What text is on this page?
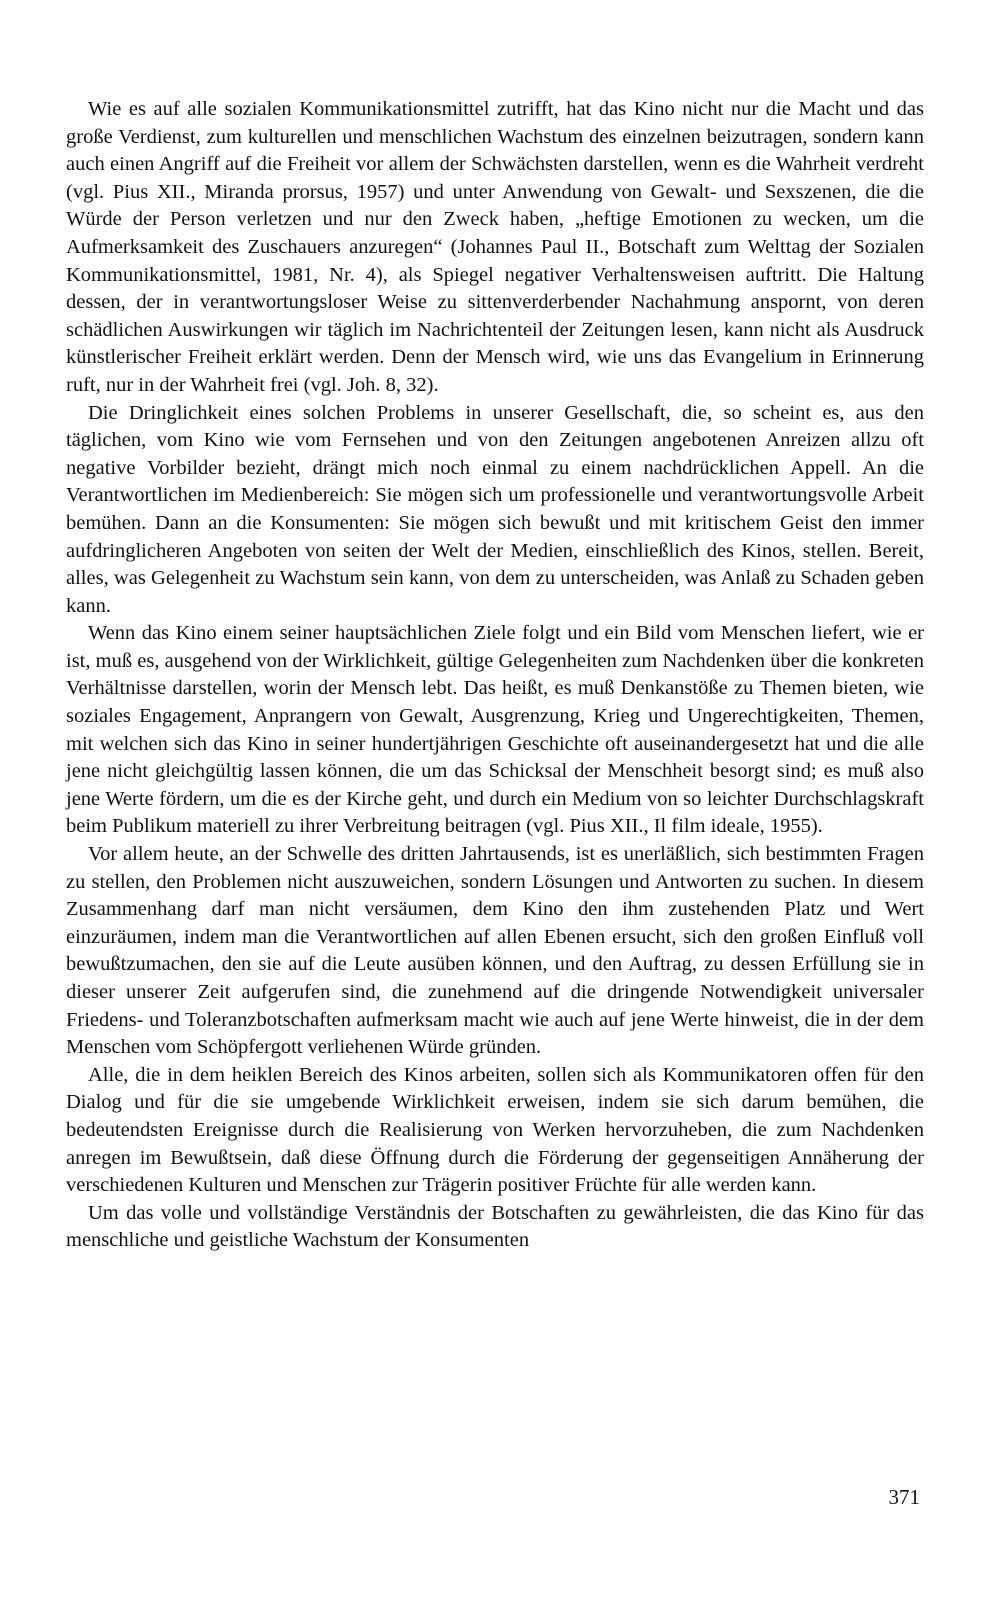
Wie es auf alle sozialen Kommunikationsmittel zutrifft, hat das Kino nicht nur die Macht und das große Verdienst, zum kulturellen und menschlichen Wachstum des einzelnen beizutragen, sondern kann auch einen Angriff auf die Freiheit vor allem der Schwächsten darstellen, wenn es die Wahrheit verdreht (vgl. Pius XII., Miranda prorsus, 1957) und unter Anwendung von Gewalt- und Sexszenen, die die Würde der Person verletzen und nur den Zweck haben, „heftige Emotionen zu wecken, um die Aufmerksamkeit des Zuschauers anzuregen“ (Johannes Paul II., Botschaft zum Welttag der Sozialen Kommunikationsmittel, 1981, Nr. 4), als Spiegel negativer Verhaltensweisen auftritt. Die Haltung dessen, der in verantwortungsloser Weise zu sittenverderbender Nachahmung anspornt, von deren schädlichen Auswirkungen wir täglich im Nachrichtenteil der Zeitungen lesen, kann nicht als Ausdruck künstlerischer Freiheit erklärt werden. Denn der Mensch wird, wie uns das Evangelium in Erinnerung ruft, nur in der Wahrheit frei (vgl. Joh. 8, 32).

Die Dringlichkeit eines solchen Problems in unserer Gesellschaft, die, so scheint es, aus den täglichen, vom Kino wie vom Fernsehen und von den Zeitungen angebotenen Anreizen allzu oft negative Vorbilder bezieht, drängt mich noch einmal zu einem nachdrücklichen Appell. An die Verantwortlichen im Medienbereich: Sie mögen sich um professionelle und verantwortungsvolle Arbeit bemühen. Dann an die Konsumenten: Sie mögen sich bewußt und mit kritischem Geist den immer aufdringlicheren Angeboten von seiten der Welt der Medien, einschließlich des Kinos, stellen. Bereit, alles, was Gelegenheit zu Wachstum sein kann, von dem zu unterscheiden, was Anlaß zu Schaden geben kann.

Wenn das Kino einem seiner hauptsächlichen Ziele folgt und ein Bild vom Menschen liefert, wie er ist, muß es, ausgehend von der Wirklichkeit, gültige Gelegenheiten zum Nachdenken über die konkreten Verhältnisse darstellen, worin der Mensch lebt. Das heißt, es muß Denkanstöße zu Themen bieten, wie soziales Engagement, Anprangern von Gewalt, Ausgrenzung, Krieg und Ungerechtigkeiten, Themen, mit welchen sich das Kino in seiner hundertjährigen Geschichte oft auseinandergesetzt hat und die alle jene nicht gleichgültig lassen können, die um das Schicksal der Menschheit besorgt sind; es muß also jene Werte fördern, um die es der Kirche geht, und durch ein Medium von so leichter Durchschlagskraft beim Publikum materiell zu ihrer Verbreitung beitragen (vgl. Pius XII., Il film ideale, 1955).

Vor allem heute, an der Schwelle des dritten Jahrtausends, ist es unerläßlich, sich bestimmten Fragen zu stellen, den Problemen nicht auszuweichen, sondern Lösungen und Antworten zu suchen. In diesem Zusammenhang darf man nicht versäumen, dem Kino den ihm zustehenden Platz und Wert einzuräumen, indem man die Verantwortlichen auf allen Ebenen ersucht, sich den großen Einfluß voll bewußtzumachen, den sie auf die Leute ausüben können, und den Auftrag, zu dessen Erfüllung sie in dieser unserer Zeit aufgerufen sind, die zunehmend auf die dringende Notwendigkeit universaler Friedens- und Toleranzbotschaften aufmerksam macht wie auch auf jene Werte hinweist, die in der dem Menschen vom Schöpfergott verliehenen Würde gründen.

Alle, die in dem heiklen Bereich des Kinos arbeiten, sollen sich als Kommunikatoren offen für den Dialog und für die sie umgebende Wirklichkeit erweisen, indem sie sich darum bemühen, die bedeutendsten Ereignisse durch die Realisierung von Werken hervorzuheben, die zum Nachdenken anregen im Bewußtsein, daß diese Öffnung durch die Förderung der gegenseitigen Annäherung der verschiedenen Kulturen und Menschen zur Trägerin positiver Früchte für alle werden kann.

Um das volle und vollständige Verständnis der Botschaften zu gewährleisten, die das Kino für das menschliche und geistliche Wachstum der Konsumenten

371
